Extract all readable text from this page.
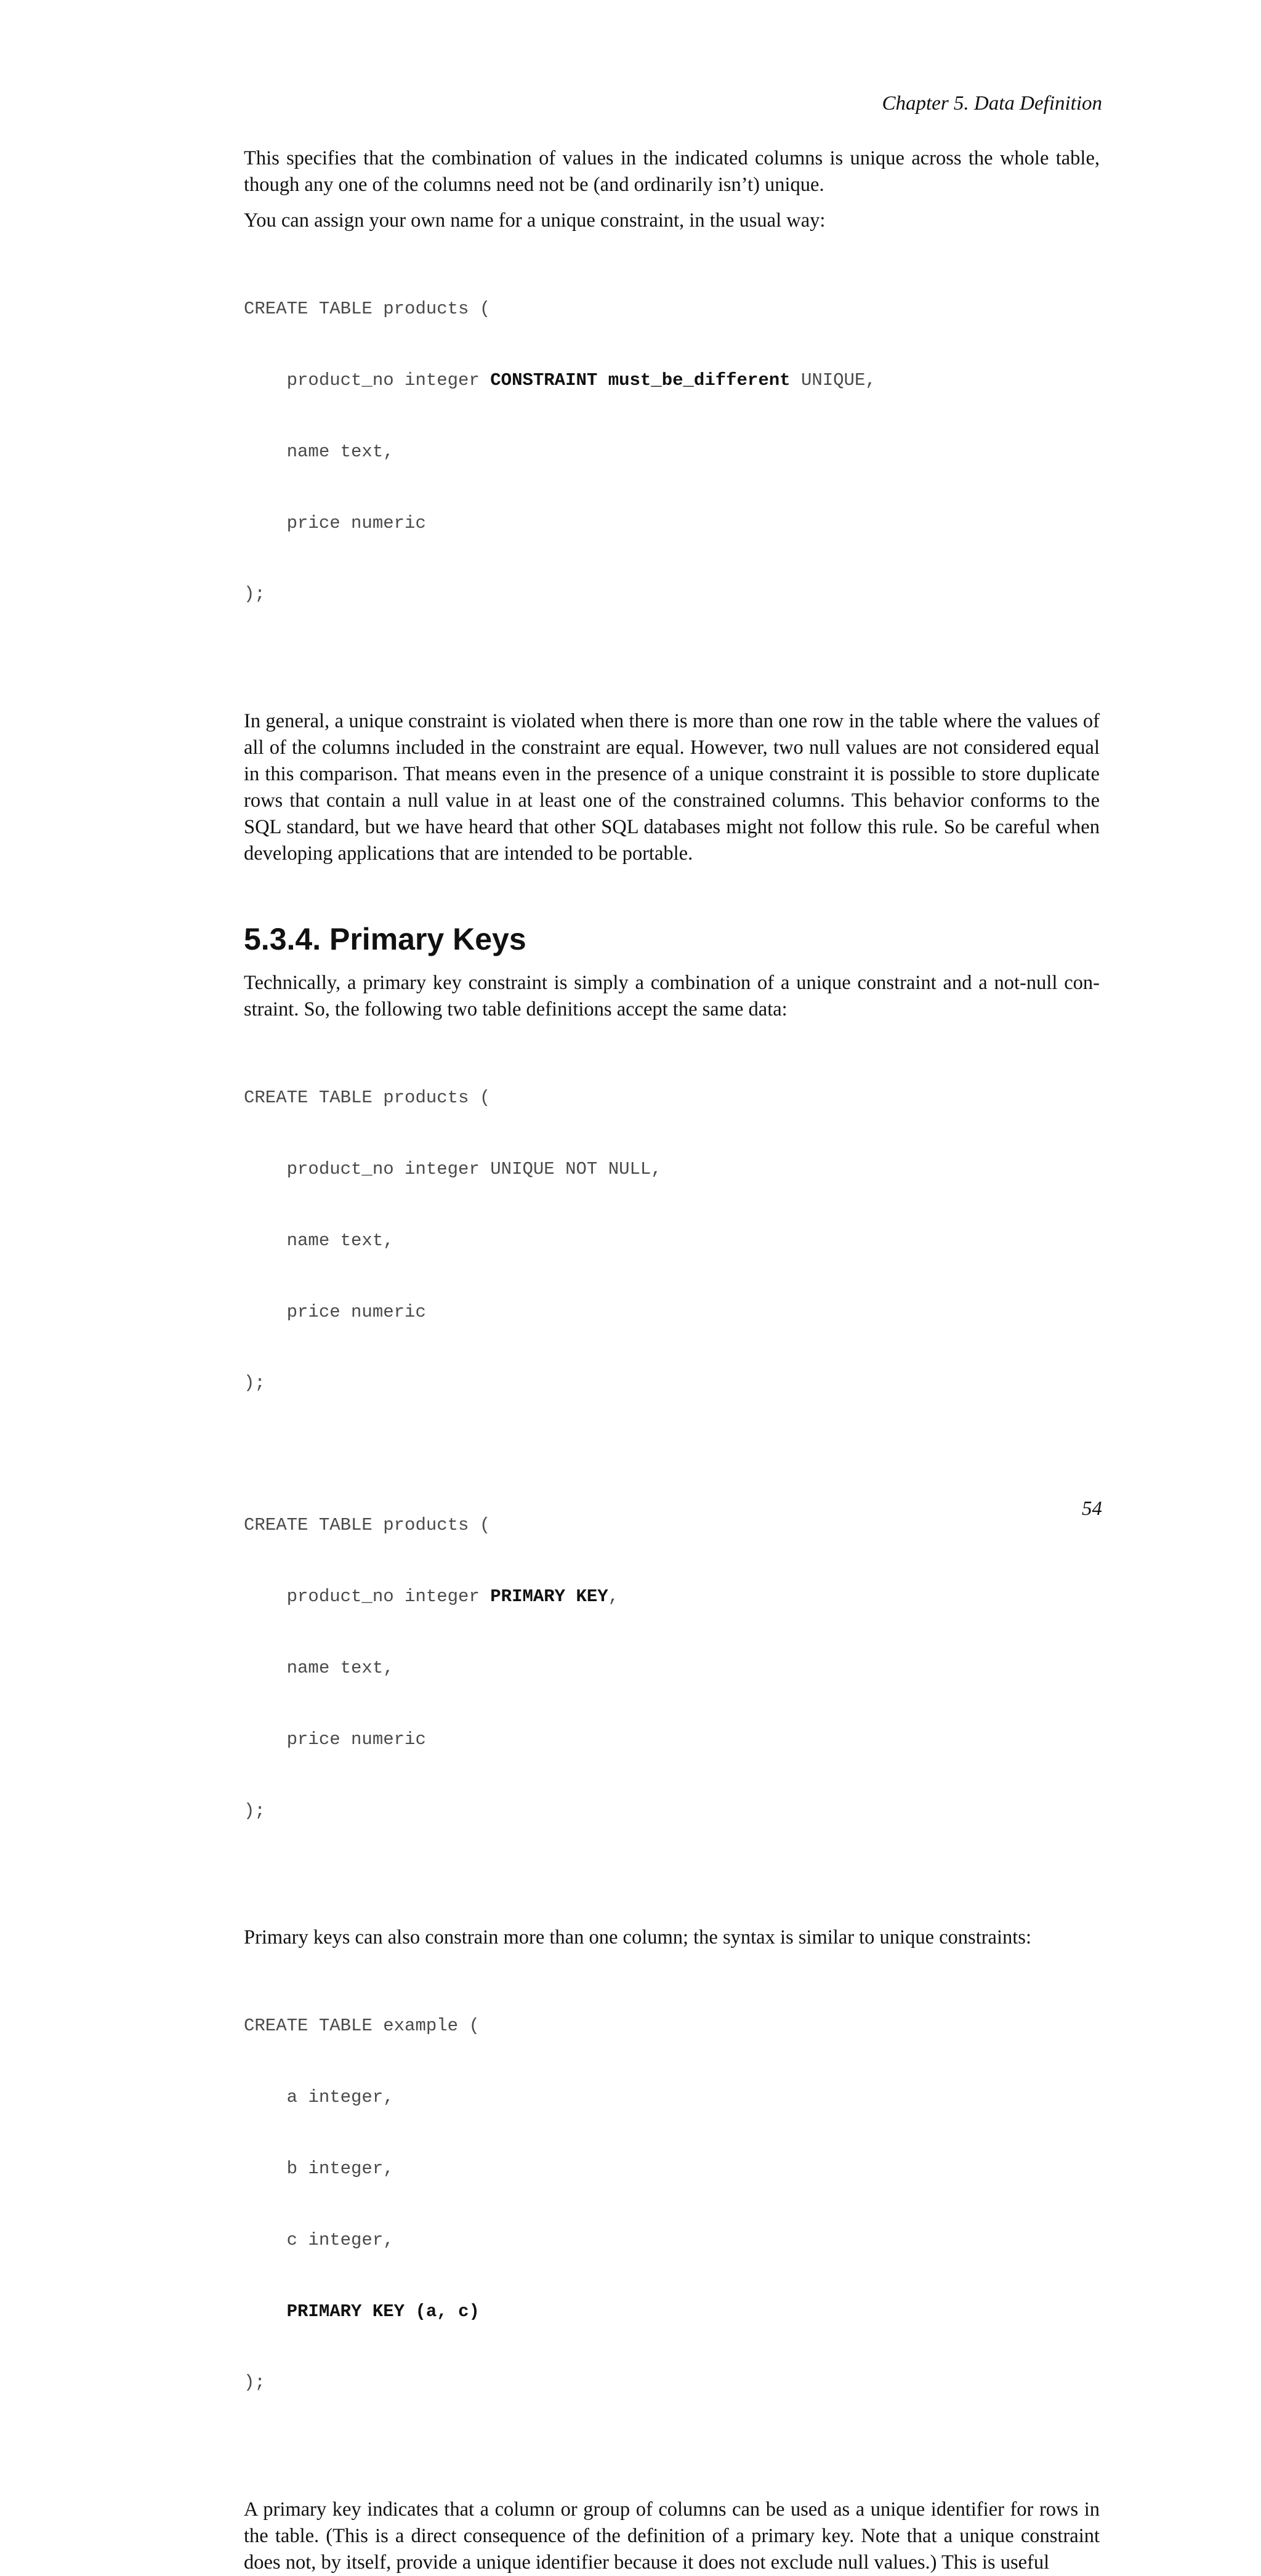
Chapter 5. Data Definition

This specifies that the combination of values in the indicated columns is unique across the whole table, though any one of the columns need not be (and ordinarily isn’t) unique.

You can assign your own name for a unique constraint, in the usual way:

CREATE TABLE products (

product_no integer CONSTRAINT must_be_different UNIQUE,

name text,

price numeric

);

In general, a unique constraint is violated when there is more than one row in the table where the values of all of the columns included in the constraint are equal. However, two null values are not considered equal in this comparison. That means even in the presence of a unique constraint it is possible to store duplicate rows that contain a null value in at least one of the constrained columns. This behavior conforms to the SQL standard, but we have heard that other SQL databases might not follow this rule. So be careful when developing applications that are intended to be portable.

5.3.4. Primary Keys

Technically, a primary key constraint is simply a combination of a unique constraint and a not-null con- straint. So, the following two table definitions accept the same data:

CREATE TABLE products (

product_no integer UNIQUE NOT NULL,

name text,

price numeric

);

CREATE TABLE products (

product_no integer PRIMARY KEY,

name text,

price numeric

);

Primary keys can also constrain more than one column; the syntax is similar to unique constraints:

CREATE TABLE example (

a integer,

b integer,

c integer,

PRIMARY KEY (a, c)

);

A primary key indicates that a column or group of columns can be used as a unique identifier for rows in the table. (This is a direct consequence of the definition of a primary key. Note that a unique constraint does not, by itself, provide a unique identifier because it does not exclude null values.) This is useful

54
